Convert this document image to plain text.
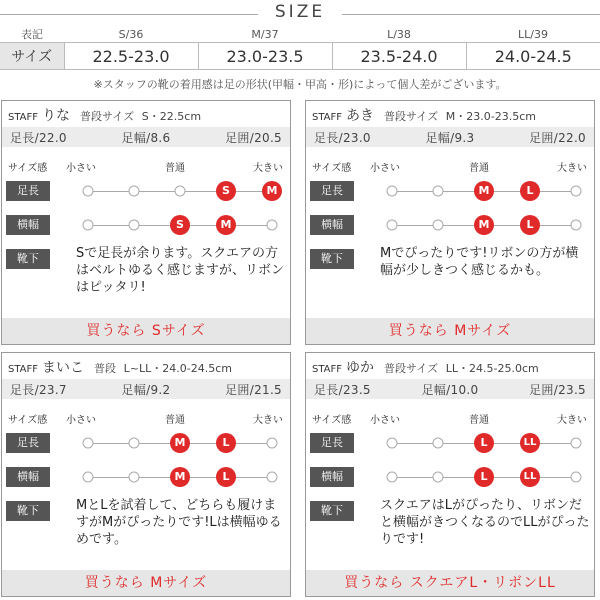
SIZE
表記	S/36	M/37	L/38	LL/39
サイズ	22.5-23.0	23.0-23.5	23.5-24.0	24.0-24.5
※スタッフの靴の着用感は足の形状(甲幅・甲高・形)によって個人差がございます。
STAFF りな 普段サイズ S・22.5cm
足長/22.0	足幅/8.6	足囲/20.5
サイズ感 小さい	普通	大きい
足長	S	M
横幅	S	M
靴下	Sで足長が余ります。スクエアの方はベルトゆるく感じますが、リボンはピッタリ!
買うなら Sサイズ
STAFF あき 普段サイズ M・23.0-23.5cm
足長/23.0	足幅/9.3	足囲/22.0
サイズ感 小さい	普通	大きい
足長	M	L
横幅	M	L
靴下	Mでぴったりです!リボンの方が横幅が少しきつく感じるかも。
買うなら Mサイズ
STAFF まいこ 普段 L~LL・24.0-24.5cm
足長/23.7	足幅/9.2	足囲/21.5
サイズ感 小さい	普通	大きい
足長	M	L
横幅	M	L
靴下	MとLを試着して、どちらも履けますがMがぴったりです!Lは横幅ゆるめです。
買うなら Mサイズ
STAFF ゆか 普段サイズ LL・24.5-25.0cm
足長/23.5	足幅/10.0	足囲/23.5
サイズ感 小さい	普通	大きい
足長	L	LL
横幅	L	LL
靴下	スクエアはLがぴったり、リボンだと横幅がきつくなるのでLLがぴったりです!
買うなら スクエアL・リボンLL
